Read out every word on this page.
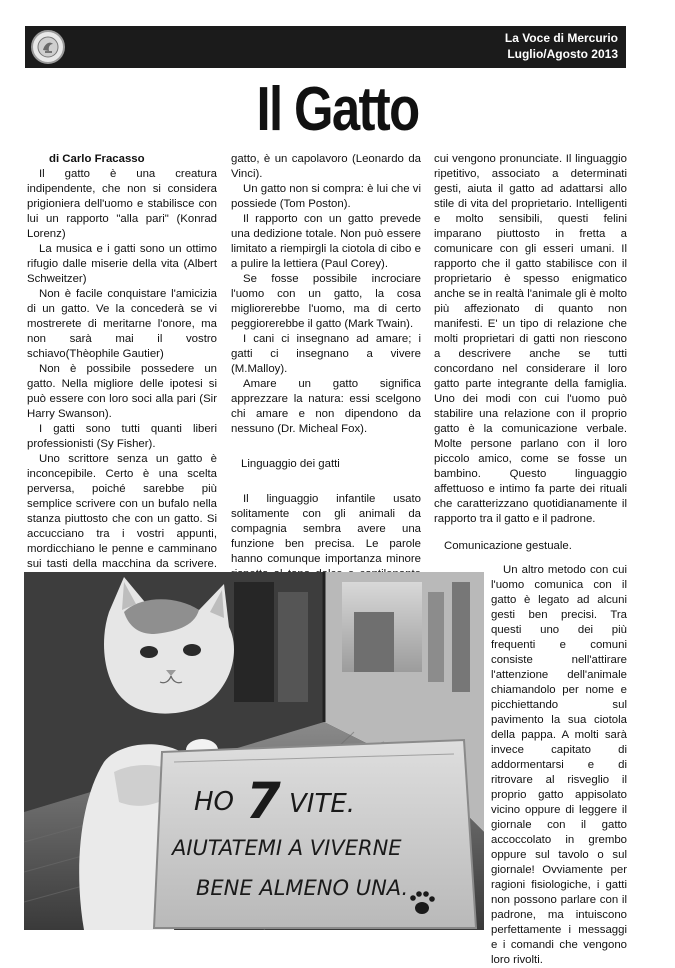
La Voce di Mercurio
Luglio/Agosto 2013
Il Gatto

di Carlo Fracasso

Il gatto è una creatura indipendente, che non si considera prigioniera dell'uomo e stabilisce con lui un rapporto "alla pari" (Konrad Lorenz)

La musica e i gatti sono un ottimo rifugio dalle miserie della vita (Albert Schweitzer)

Non è facile conquistare l'amicizia di un gatto. Ve la concederà se vi mostrerete di meritarne l'onore, ma non sarà mai il vostro schiavo(Thèophile Gautier)

Non è possibile possedere un gatto. Nella migliore delle ipotesi si può essere con loro soci alla pari (Sir Harry Swanson).

I gatti sono tutti quanti liberi professionisti (Sy Fisher).

Uno scrittore senza un gatto è inconcepibile. Certo è una scelta perversa, poiché sarebbe più semplice scrivere con un bufalo nella stanza piuttosto che con un gatto. Si accucciano tra i vostri appunti, mordicchiano le penne e camminano sui tasti della macchina da scrivere.

gatto, è un capolavoro (Leonardo da Vinci).

Un gatto non si compra: è lui che vi possiede (Tom Poston).

Il rapporto con un gatto prevede una dedizione totale. Non può essere limitato a riempirgli la ciotola di cibo e a pulire la lettiera (Paul Corey).

Se fosse possibile incrociare l'uomo con un gatto, la cosa migliorerebbe l'uomo, ma di certo peggiorerebbe il gatto (Mark Twain).

I cani ci insegnano ad amare; i gatti ci insegnano a vivere (M.Malloy).

Amare un gatto significa apprezzare la natura: essi scelgono chi amare e non dipendono da nessuno (Dr. Micheal Fox).

Linguaggio dei gatti

Il linguaggio infantile usato solitamente con gli animali da compagnia sembra avere una funzione ben precisa. Le parole hanno comunque importanza minore

cui vengono pronunciate. Il linguaggio ripetitivo, associato a determinati gesti, aiuta il gatto ad adattarsi allo stile di vita del proprietario. Intelligenti e molto sensibili, questi felini imparano piuttosto in fretta a comunicare con gli esseri umani. Il rapporto che il gatto stabilisce con il proprietario è spesso enigmatico anche se in realtà l'animale gli è molto più affezionato di quanto non manifesti. E' un tipo di relazione che molti proprietari di gatti non riescono a descrivere anche se tutti concordano nel considerare il loro gatto parte integrante della famiglia. Uno dei modi con cui l'uomo può stabilire una relazione con il proprio gatto è la comunicazione verbale. Molte persone parlano con il loro piccolo amico, come se fosse un bambino. Questo linguaggio affettuoso e intimo fa parte dei rituali che caratterizzano quotidianamente il rapporto tra il gatto e il padrone.

Comunicazione gestuale.

Un altro metodo con cui l'uomo comunica con il gatto è legato ad alcuni gesti ben precisi. Tra questi uno dei più frequenti e comuni consiste nell'attirare l'attenzione dell'animale chiamandolo per nome e picchiettando sul pavimento la sua ciotola della pappa. A molti sarà invece capitato di addormentarsi e di ritrovare al risveglio il proprio gatto appisolato vicino oppure di leggere il giornale con il gatto accoccolato in grembo oppure sul tavolo o sul giornale! Ovviamente per ragioni fisiologiche, i gatti non possono parlare con il padrone, ma intuiscono perfettamente i messaggi e i comandi che vengono loro rivolti.

HO 7 VITE.
AIUTATEMI A VIVERNE
BENE ALMENO UNA.
